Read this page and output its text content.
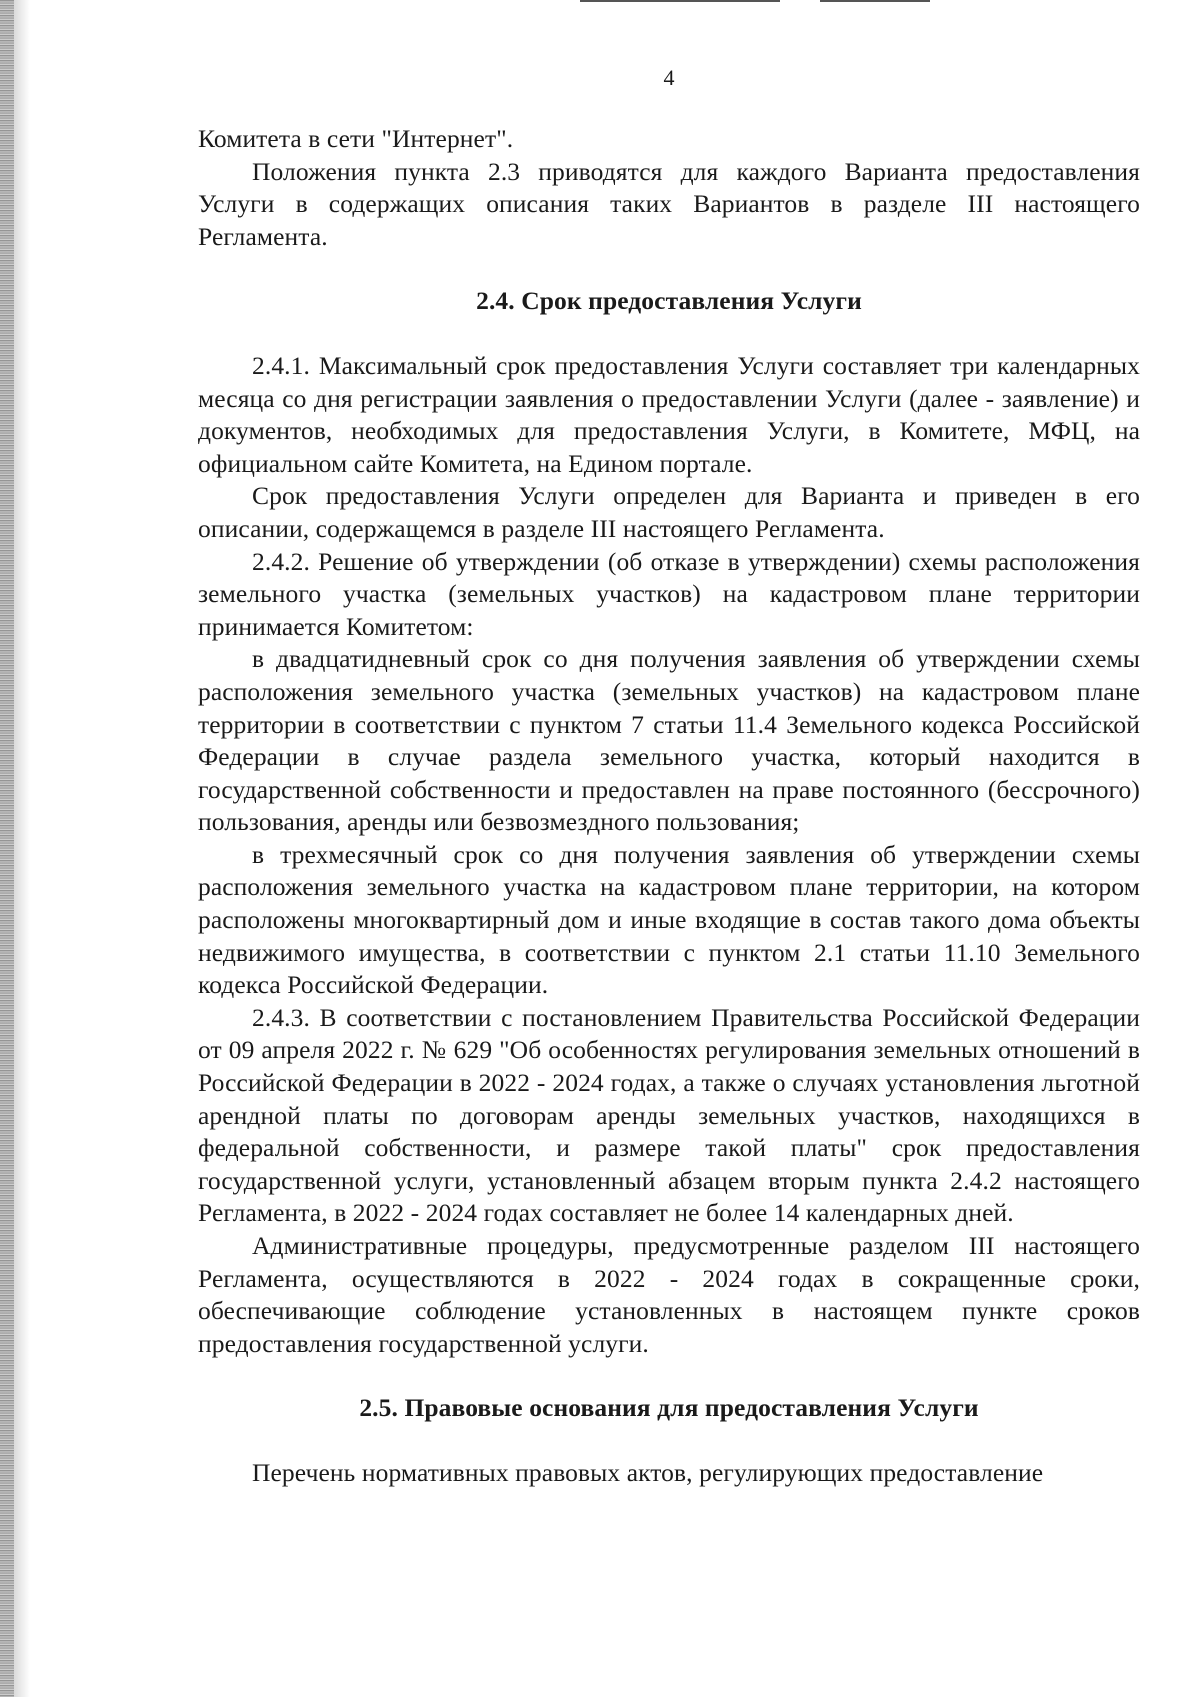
4

Комитета в сети "Интернет".

Положения пункта 2.3 приводятся для каждого Варианта предоставления Услуги в содержащих описания таких Вариантов в разделе III настоящего Регламента.

2.4. Срок предоставления Услуги

2.4.1. Максимальный срок предоставления Услуги составляет три календарных месяца со дня регистрации заявления о предоставлении Услуги (далее - заявление) и документов, необходимых для предоставления Услуги, в Комитете, МФЦ, на официальном сайте Комитета, на Едином портале.

Срок предоставления Услуги определен для Варианта и приведен в его описании, содержащемся в разделе III настоящего Регламента.

2.4.2. Решение об утверждении (об отказе в утверждении) схемы расположения земельного участка (земельных участков) на кадастровом плане территории принимается Комитетом:

в двадцатидневный срок со дня получения заявления об утверждении схемы расположения земельного участка (земельных участков) на кадастровом плане территории в соответствии с пунктом 7 статьи 11.4 Земельного кодекса Российской Федерации в случае раздела земельного участка, который находится в государственной собственности и предоставлен на праве постоянного (бессрочного) пользования, аренды или безвозмездного пользования;

в трехмесячный срок со дня получения заявления об утверждении схемы расположения земельного участка на кадастровом плане территории, на котором расположены многоквартирный дом и иные входящие в состав такого дома объекты недвижимого имущества, в соответствии с пунктом 2.1 статьи 11.10 Земельного кодекса Российской Федерации.

2.4.3. В соответствии с постановлением Правительства Российской Федерации от 09 апреля 2022 г. № 629 "Об особенностях регулирования земельных отношений в Российской Федерации в 2022 - 2024 годах, а также о случаях установления льготной арендной платы по договорам аренды земельных участков, находящихся в федеральной собственности, и размере такой платы" срок предоставления государственной услуги, установленный абзацем вторым пункта 2.4.2 настоящего Регламента, в 2022 - 2024 годах составляет не более 14 календарных дней.

Административные процедуры, предусмотренные разделом III настоящего Регламента, осуществляются в 2022 - 2024 годах в сокращенные сроки, обеспечивающие соблюдение установленных в настоящем пункте сроков предоставления государственной услуги.

2.5. Правовые основания для предоставления Услуги

Перечень нормативных правовых актов, регулирующих предоставление
